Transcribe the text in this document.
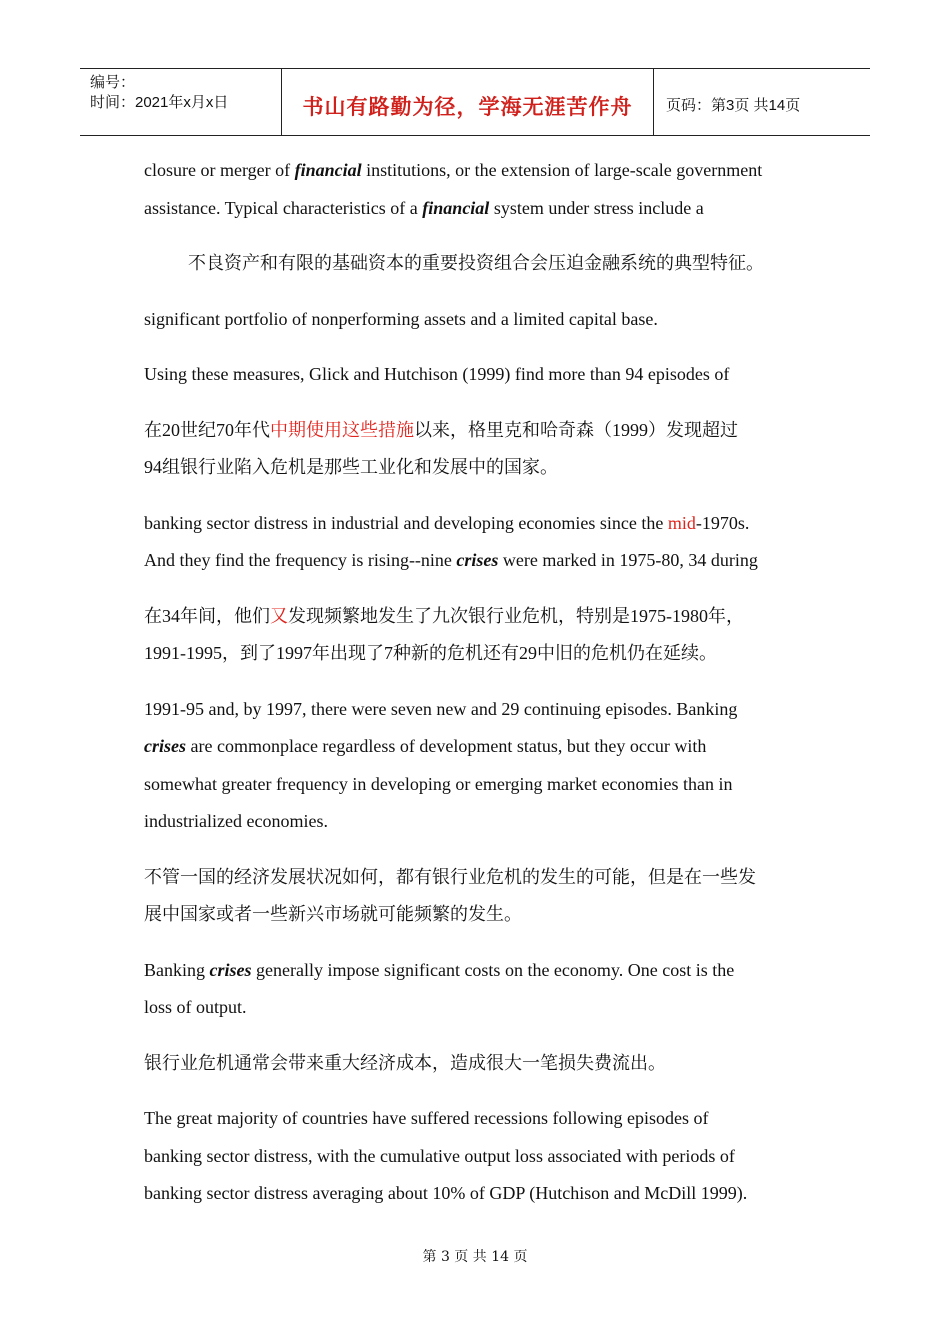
编号：
时间：2021年x月x日	书山有路勤为径，学海无涯苦作舟	页码：第3页 共14页
closure or merger of financial institutions, or the extension of large-scale government
assistance. Typical characteristics of a financial system under stress include a
不良资产和有限的基础资本的重要投资组合会压迫金融系统的典型特征。
significant portfolio of nonperforming assets and a limited capital base.
Using these measures, Glick and Hutchison (1999) find more than 94 episodes of
在20世纪70年代中期使用这些措施以来，格里克和哈奇森（1999）发现超过
94组银行业陷入危机是那些工业化和发展中的国家。
banking sector distress in industrial and developing economies since the mid-1970s.
And they find the frequency is rising--nine crises were marked in 1975-80, 34 during
在34年间，他们又发现频繁地发生了九次银行业危机，特别是1975-1980年，
1991-1995，到了1997年出现了7种新的危机还有29中旧的危机仍在延续。
1991-95 and, by 1997, there were seven new and 29 continuing episodes. Banking
crises are commonplace regardless of development status, but they occur with
somewhat greater frequency in developing or emerging market economies than in
industrialized economies.
不管一国的经济发展状况如何，都有银行业危机的发生的可能，但是在一些发
展中国家或者一些新兴市场就可能频繁的发生。
Banking crises generally impose significant costs on the economy. One cost is the
loss of output.
银行业危机通常会带来重大经济成本，造成很大一笔损失费流出。
The great majority of countries have suffered recessions following episodes of
banking sector distress, with the cumulative output loss associated with periods of
banking sector distress averaging about 10% of GDP (Hutchison and McDill 1999).
第 3 页 共 14 页
